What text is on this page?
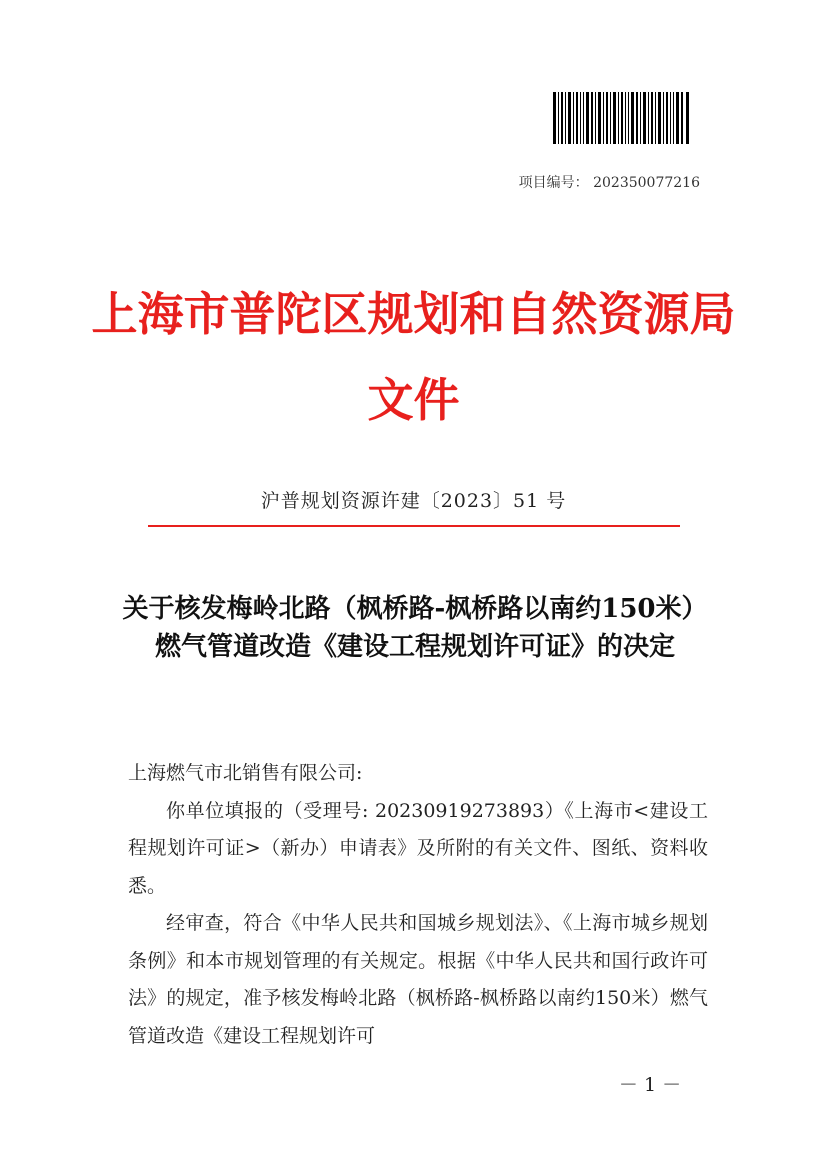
项目编号： 202350077216
上海市普陀区规划和自然资源局
文件
沪普规划资源许建〔2023〕51 号
关于核发梅岭北路（枫桥路-枫桥路以南约150米）燃气管道改造《建设工程规划许可证》的决定

上海燃气市北销售有限公司:

你单位填报的（受理号: 20230919273893）《上海市<建设工程规划许可证>（新办）申请表》及所附的有关文件、图纸、资料收悉。

经审查，符合《中华人民共和国城乡规划法》、《上海市城乡规划条例》和本市规划管理的有关规定。根据《中华人民共和国行政许可法》的规定，准予核发梅岭北路（枫桥路-枫桥路以南约150米）燃气管道改造《建设工程规划许可

－ 1 －
